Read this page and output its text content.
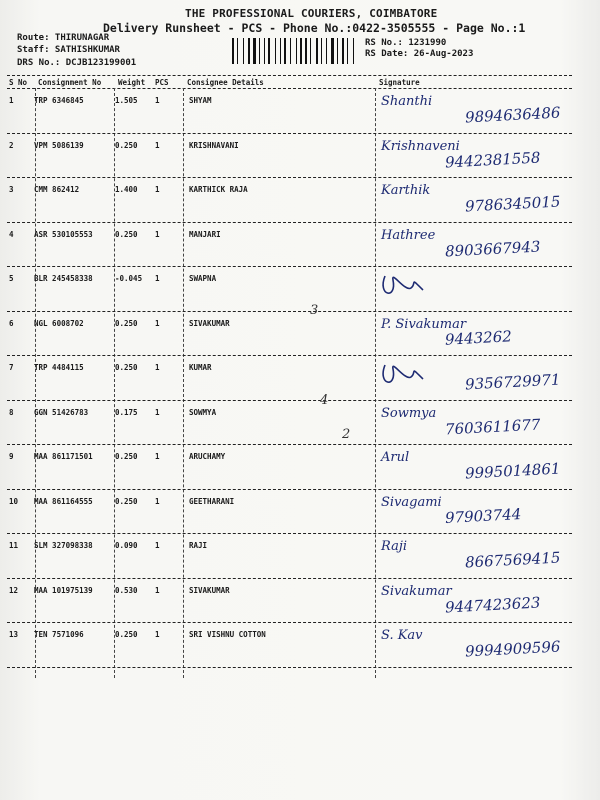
THE PROFESSIONAL COURIERS, COIMBATORE
Delivery Runsheet - PCS - Phone No.:0422-3505555 - Page No.:1
Route: THIRUNAGAR
Staff: SATHISHKUMAR
DRS No.: DCJB123199001
RS No.: 1231990
RS Date: 26-Aug-2023
S No Consignment No Weight PCS Consignee Details	Signature
1	TRP 6346845	1.505 1	SHYAM	Shanthi
9894636486
2	VPM 5086139	0.250 1	KRISHNAVANI	Krishnaveni
9442381558
3	CMM 862412	1.400 1	KARTHICK RAJA	Karthik
9786345015
4	ASR 530105553	0.250 1	MANJARI	Hathree
8903667943
5	BLR 245458338	-0.045 1	SWAPNA
6	NGL 6008702	0.250 1	SIVAKUMAR	P. Sivakumar
9443262
7	TRP 4484115	0.250 1	KUMAR
9356729971
8	GGN 51426783	0.175 1	SOWMYA	Sowmya
7603611677
9	MAA 861171501	0.250 1	ARUCHAMY	Arul
9995014861
10 MAA 861164555	0.250 1	GEETHARANI	Sivagami
97903744
11 SLM 327098338	0.090 1	RAJI	Raji
8667569415
12 MAA 101975139	0.530 1	SIVAKUMAR	Sivakumar
9447423623
13 TEN 7571096	0.250 1	SRI VISHNU COTTON	S. Kav
9994909596
3
4
2
